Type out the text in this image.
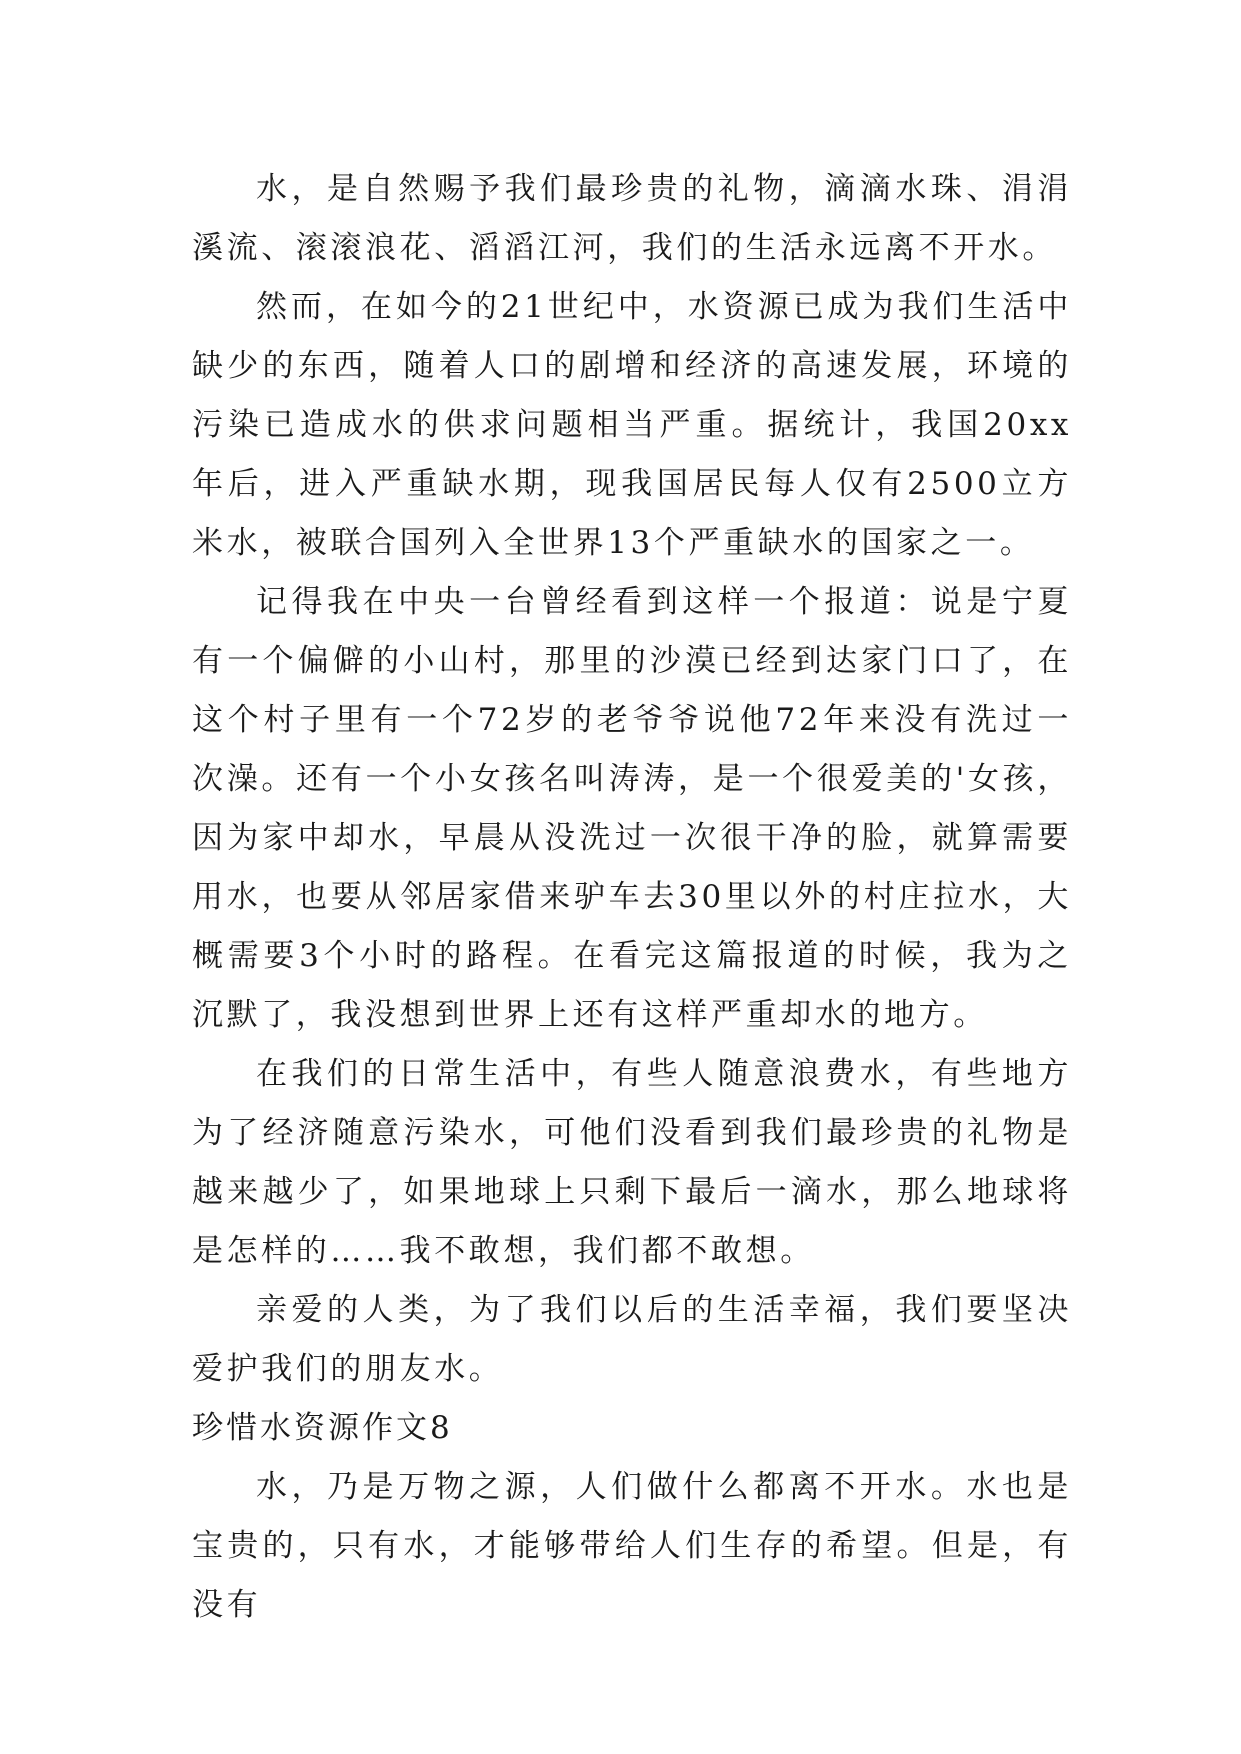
水，是自然赐予我们最珍贵的礼物，滴滴水珠、涓涓溪流、滚滚浪花、滔滔江河，我们的生活永远离不开水。

然而，在如今的21世纪中，水资源已成为我们生活中缺少的东西，随着人口的剧增和经济的高速发展，环境的污染已造成水的供求问题相当严重。据统计，我国20xx年后，进入严重缺水期，现我国居民每人仅有2500立方米水，被联合国列入全世界13个严重缺水的国家之一。

记得我在中央一台曾经看到这样一个报道：说是宁夏有一个偏僻的小山村，那里的沙漠已经到达家门口了，在这个村子里有一个72岁的老爷爷说他72年来没有洗过一次澡。还有一个小女孩名叫涛涛，是一个很爱美的'女孩，因为家中却水，早晨从没洗过一次很干净的脸，就算需要用水，也要从邻居家借来驴车去30里以外的村庄拉水，大概需要3个小时的路程。在看完这篇报道的时候，我为之沉默了，我没想到世界上还有这样严重却水的地方。

在我们的日常生活中，有些人随意浪费水，有些地方为了经济随意污染水，可他们没看到我们最珍贵的礼物是越来越少了，如果地球上只剩下最后一滴水，那么地球将是怎样的……我不敢想，我们都不敢想。

亲爱的人类，为了我们以后的生活幸福，我们要坚决爱护我们的朋友水。

珍惜水资源作文8

水，乃是万物之源，人们做什么都离不开水。水也是宝贵的，只有水，才能够带给人们生存的希望。但是，有没有
